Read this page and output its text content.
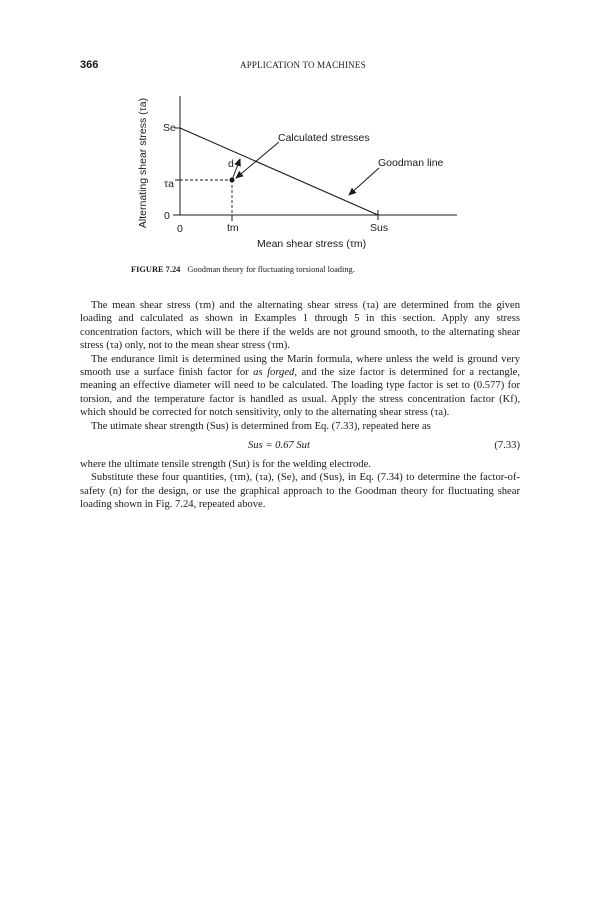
366	APPLICATION TO MACHINES
Alternating shear stress (τa) Se
τa
0
0	tm	Sus
d
Calculated stresses
Goodman line
Mean shear stress (τm)
FIGURE 7.24 Goodman theory for fluctuating torsional loading.

The mean shear stress (τm) and the alternating shear stress (τa) are determined from the given loading and calculated as shown in Examples 1 through 5 in this section. Apply any stress concentration factors, which will be there if the welds are not ground smooth, to the alternating shear stress (τa) only, not to the mean shear stress (τm).

The endurance limit is determined using the Marin formula, where unless the weld is ground very smooth use a surface finish factor for as forged, and the size factor is determined for a rectangle, meaning an effective diameter will need to be calculated. The loading type factor is set to (0.577) for torsion, and the temperature factor is handled as usual. Apply the stress concentration factor (Kf), which should be corrected for notch sensitivity, only to the alternating shear stress (τa).

The utimate shear strength (Sus) is determined from Eq. (7.33), repeated here as

Sus = 0.67 Sut	(7.33)

where the ultimate tensile strength (Sut) is for the welding electrode.

Substitute these four quantities, (τm), (τa), (Se), and (Sus), in Eq. (7.34) to determine the factor-of-safety (n) for the design, or use the graphical approach to the Goodman theory for fluctuating shear loading shown in Fig. 7.24, repeated above.
